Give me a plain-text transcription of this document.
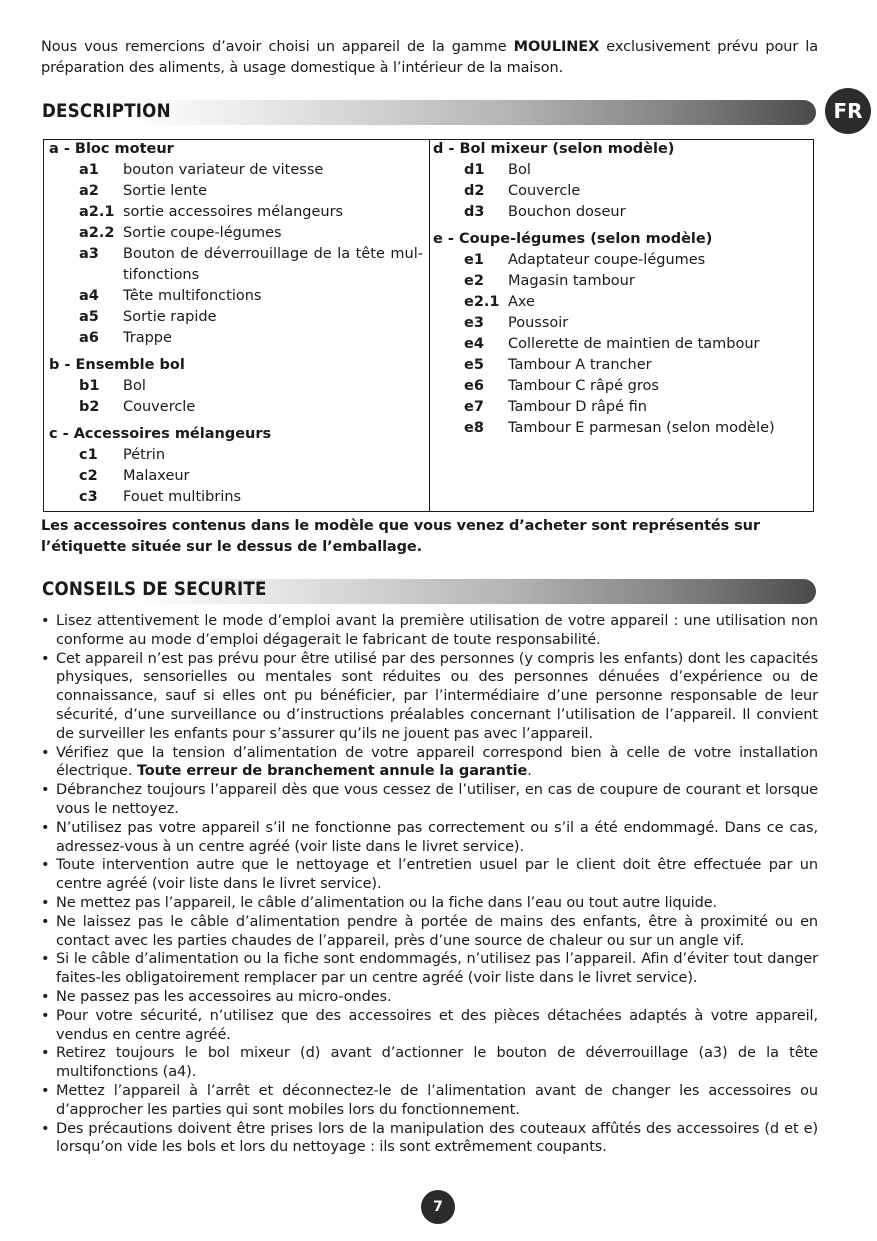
Nous vous remercions d’avoir choisi un appareil de la gamme MOULINEX exclusivement prévu pour la préparation des aliments, à usage domestique à l’intérieur de la maison.

DESCRIPTION	FR
a - Bloc moteur
a1 bouton variateur de vitesse
a2 Sortie lente
a2.1 sortie accessoires mélangeurs
a2.2 Sortie coupe-légumes
a3 Bouton de déverrouillage de la tête multifonctions
a4 Tête multifonctions
a5 Sortie rapide
a6 Trappe
b - Ensemble bol
b1 Bol
b2 Couvercle
c - Accessoires mélangeurs
c1 Pétrin
c2 Malaxeur
c3 Fouet multibrins
d - Bol mixeur (selon modèle)
d1 Bol
d2 Couvercle
d3 Bouchon doseur
e - Coupe-légumes (selon modèle)
e1 Adaptateur coupe-légumes
e2 Magasin tambour
e2.1 Axe
e3 Poussoir
e4 Collerette de maintien de tambour
e5 Tambour A trancher
e6 Tambour C râpé gros
e7 Tambour D râpé fin
e8 Tambour E parmesan (selon modèle)

Les accessoires contenus dans le modèle que vous venez d’acheter sont représentés sur l’étiquette située sur le dessus de l’emballage.

CONSEILS DE SECURITE
• Lisez attentivement le mode d’emploi avant la première utilisation de votre appareil : une utilisation non conforme au mode d’emploi dégagerait le fabricant de toute responsabilité.
• Cet appareil n’est pas prévu pour être utilisé par des personnes (y compris les enfants) dont les capacités physiques, sensorielles ou mentales sont réduites ou des personnes dénuées d’expérience ou de connaissance, sauf si elles ont pu bénéficier, par l’intermédiaire d’une personne responsable de leur sécurité, d’une surveillance ou d’instructions préalables concernant l’utilisation de l’appareil. Il convient de surveiller les enfants pour s’assurer qu’ils ne jouent pas avec l’appareil.
• Vérifiez que la tension d’alimentation de votre appareil correspond bien à celle de votre installation électrique. Toute erreur de branchement annule la garantie.
• Débranchez toujours l’appareil dès que vous cessez de l’utiliser, en cas de coupure de courant et lorsque vous le nettoyez.
• N’utilisez pas votre appareil s’il ne fonctionne pas correctement ou s’il a été endommagé. Dans ce cas, adressez-vous à un centre agréé (voir liste dans le livret service).
• Toute intervention autre que le nettoyage et l’entretien usuel par le client doit être effectuée par un centre agréé (voir liste dans le livret service).
• Ne mettez pas l’appareil, le câble d’alimentation ou la fiche dans l’eau ou tout autre liquide.
• Ne laissez pas le câble d’alimentation pendre à portée de mains des enfants, être à proximité ou en contact avec les parties chaudes de l’appareil, près d’une source de chaleur ou sur un angle vif.
• Si le câble d’alimentation ou la fiche sont endommagés, n’utilisez pas l’appareil. Afin d’éviter tout danger faites-les obligatoirement remplacer par un centre agréé (voir liste dans le livret service).
• Ne passez pas les accessoires au micro-ondes.
• Pour votre sécurité, n’utilisez que des accessoires et des pièces détachées adaptés à votre appareil, vendus en centre agréé.
• Retirez toujours le bol mixeur (d) avant d’actionner le bouton de déverrouillage (a3) de la tête multifonctions (a4).
• Mettez l’appareil à l’arrêt et déconnectez-le de l’alimentation avant de changer les accessoires ou d’approcher les parties qui sont mobiles lors du fonctionnement.
• Des précautions doivent être prises lors de la manipulation des couteaux affûtés des accessoires (d et e) lorsqu’on vide les bols et lors du nettoyage : ils sont extrêmement coupants.
7
